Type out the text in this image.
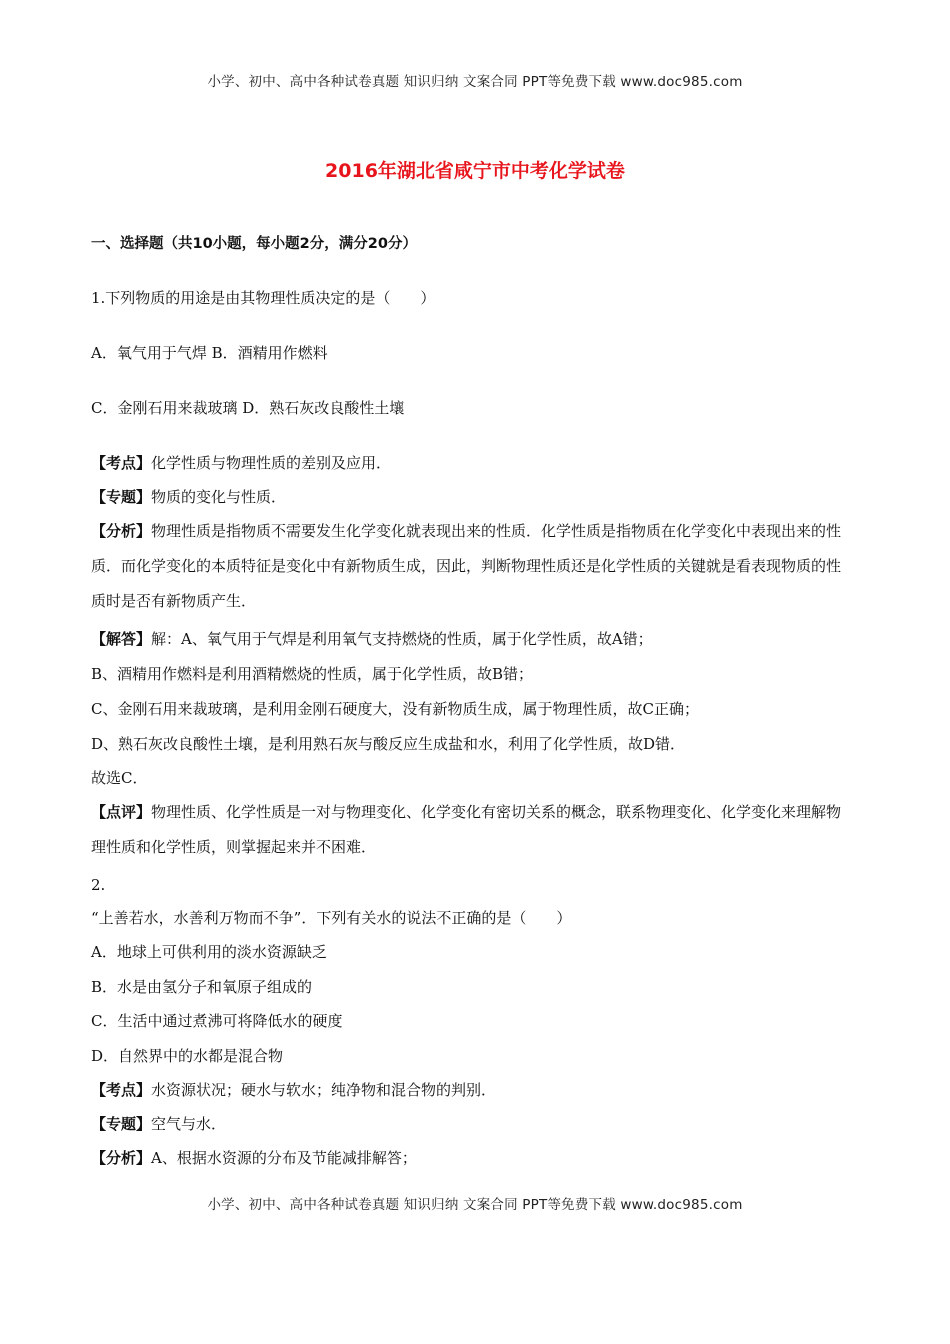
小学、初中、高中各种试卷真题 知识归纳 文案合同 PPT等免费下载 www.doc985.com
2016年湖北省咸宁市中考化学试卷
一、选择题（共10小题，每小题2分，满分20分）
1.下列物质的用途是由其物理性质决定的是（　　）
A．氧气用于气焊 B．酒精用作燃料
C．金刚石用来裁玻璃 D．熟石灰改良酸性土壤
【考点】化学性质与物理性质的差别及应用．
【专题】物质的变化与性质．
【分析】物理性质是指物质不需要发生化学变化就表现出来的性质．化学性质是指物质在化学变化中表现出来的性质．而化学变化的本质特征是变化中有新物质生成，因此，判断物理性质还是化学性质的关键就是看表现物质的性质时是否有新物质产生．
【解答】解：A、氧气用于气焊是利用氧气支持燃烧的性质，属于化学性质，故A错；
B、酒精用作燃料是利用酒精燃烧的性质，属于化学性质，故B错；
C、金刚石用来裁玻璃，是利用金刚石硬度大，没有新物质生成，属于物理性质，故C正确；
D、熟石灰改良酸性土壤，是利用熟石灰与酸反应生成盐和水，利用了化学性质，故D错．
故选C．
【点评】物理性质、化学性质是一对与物理变化、化学变化有密切关系的概念，联系物理变化、化学变化来理解物理性质和化学性质，则掌握起来并不困难．
2.
“上善若水，水善利万物而不争”．下列有关水的说法不正确的是（　　）
A．地球上可供利用的淡水资源缺乏
B．水是由氢分子和氧原子组成的
C．生活中通过煮沸可将降低水的硬度
D．自然界中的水都是混合物
【考点】水资源状况；硬水与软水；纯净物和混合物的判别．
【专题】空气与水．
【分析】A、根据水资源的分布及节能减排解答；
小学、初中、高中各种试卷真题 知识归纳 文案合同 PPT等免费下载 www.doc985.com
